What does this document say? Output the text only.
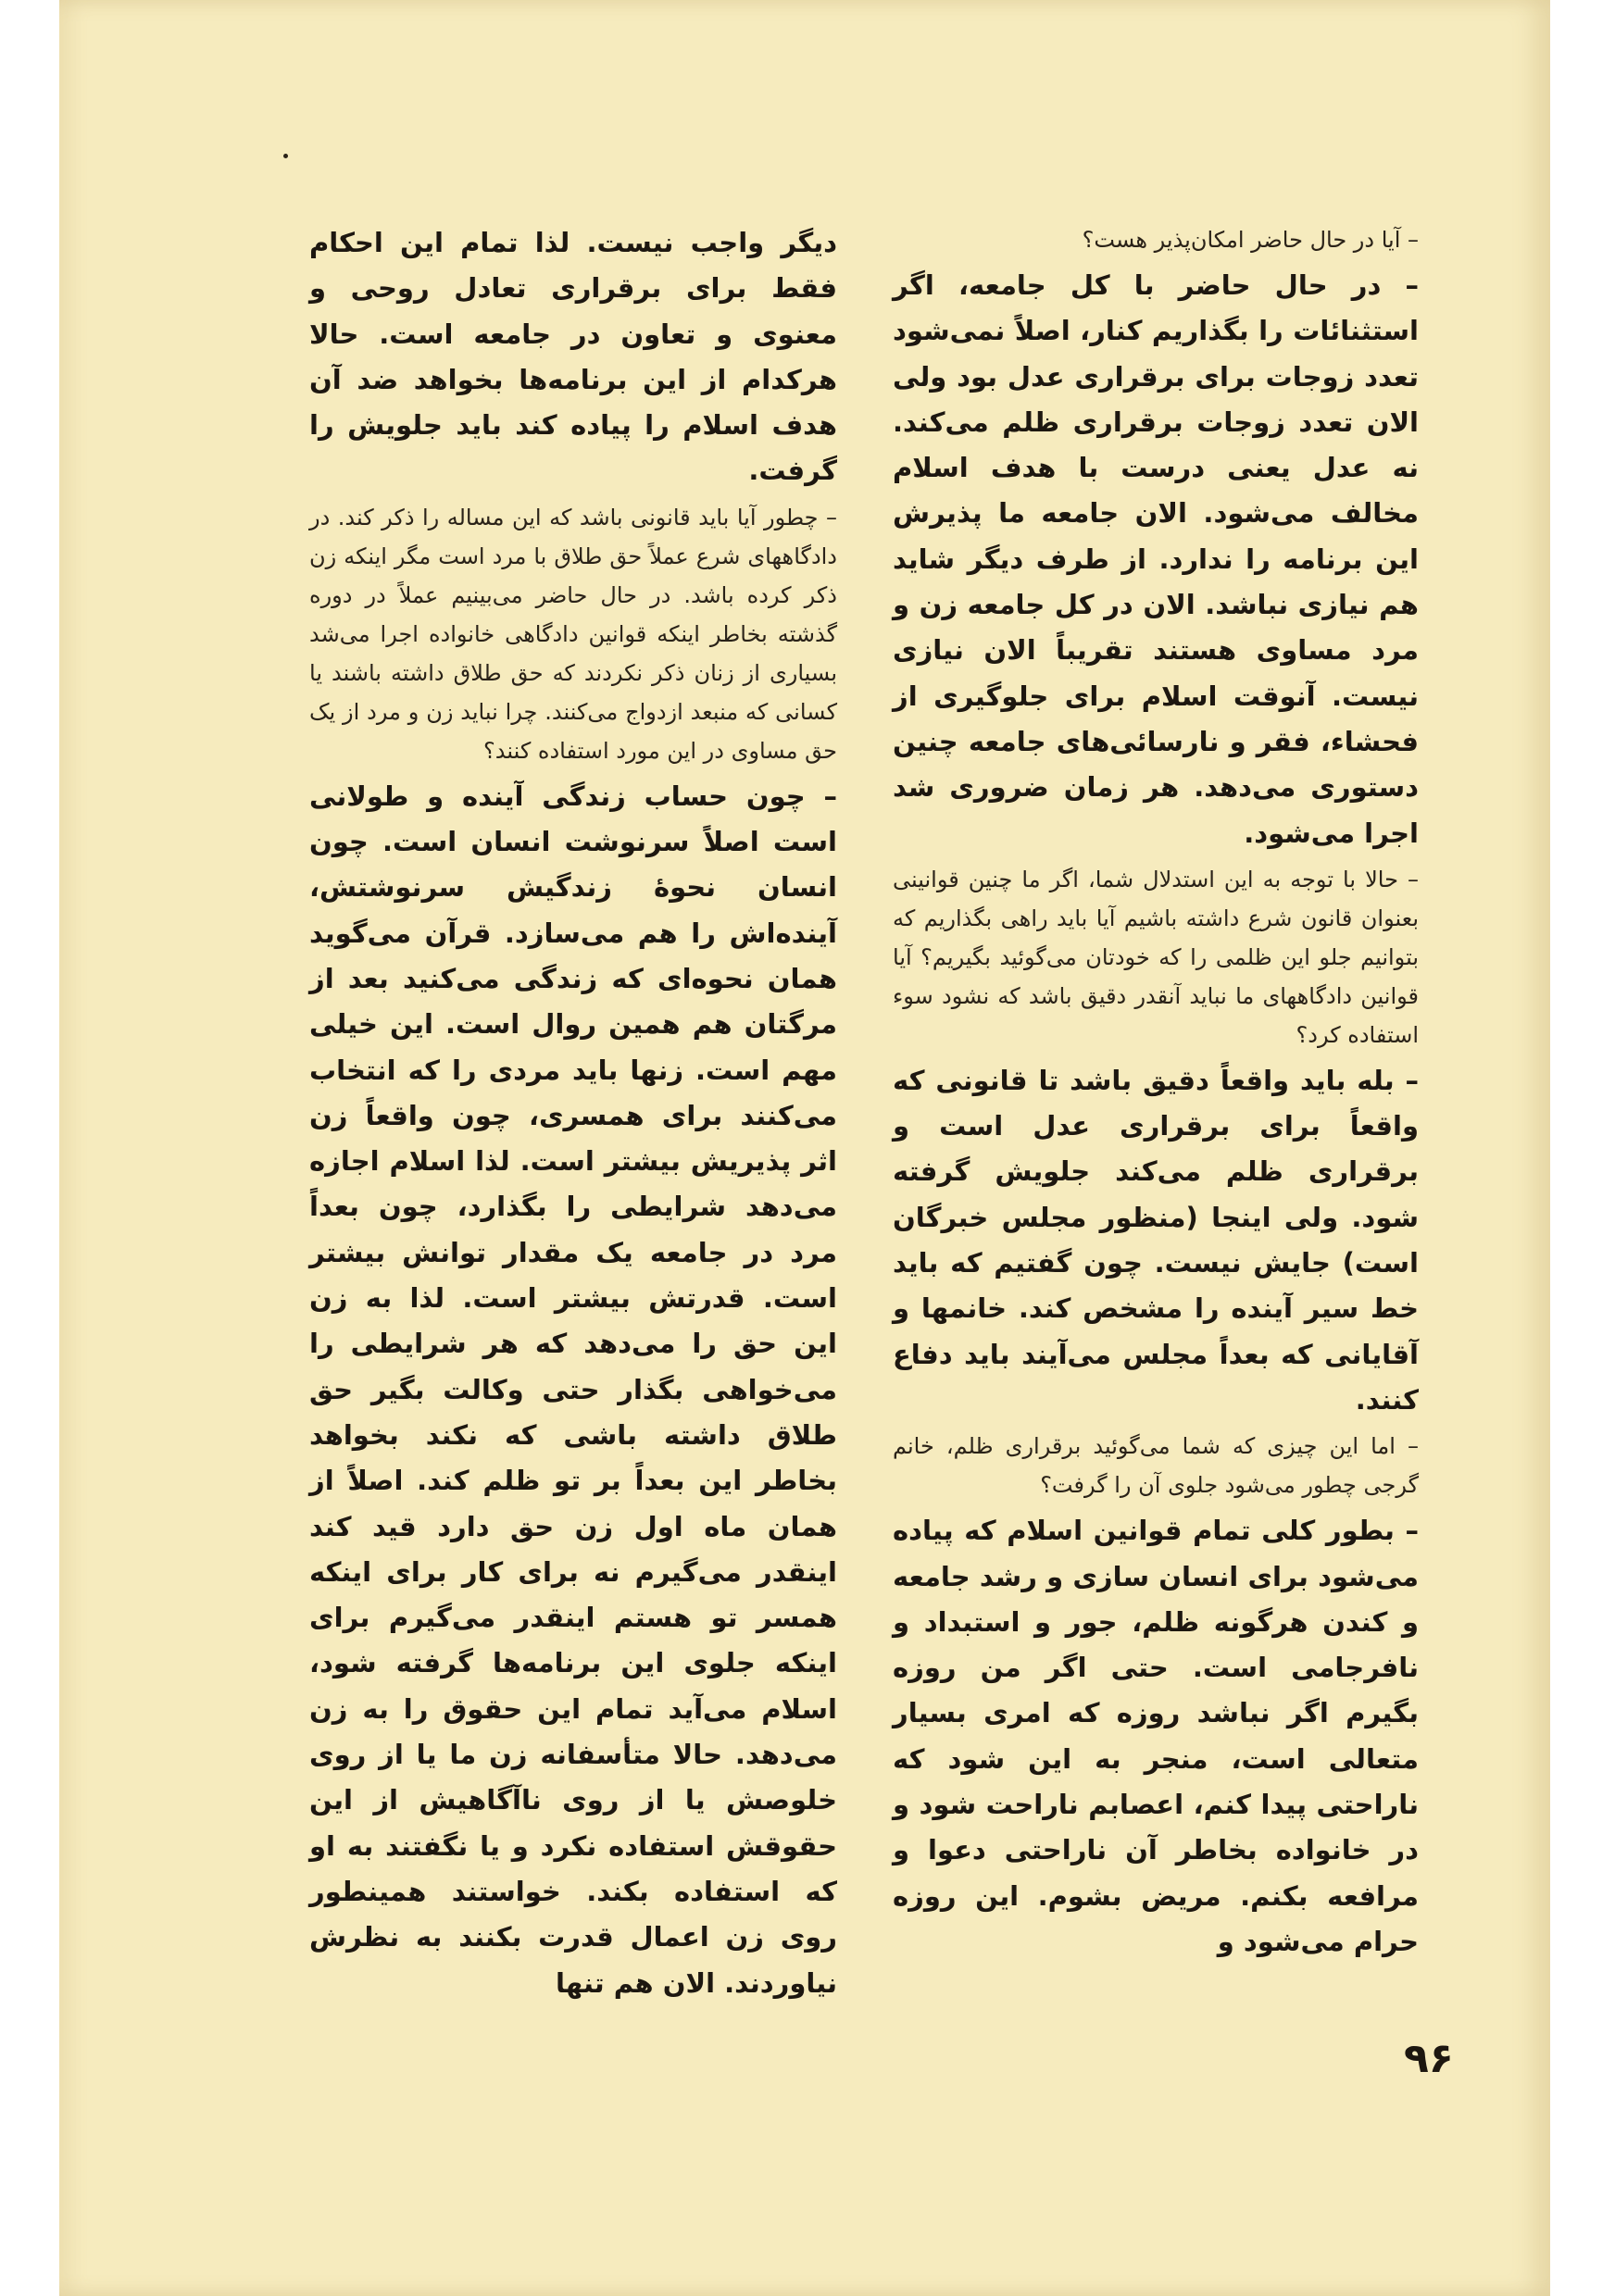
– آیا در حال حاضر امکان‌پذیر هست؟

– در حال حاضر با کل جامعه، اگر استثنائات را بگذاریم کنار، اصلاً نمی‌شود تعدد زوجات برای برقراری عدل بود ولی الان تعدد زوجات برقراری ظلم می‌کند. نه عدل یعنی درست با هدف اسلام مخالف می‌شود. الان جامعه ما پذیرش این برنامه را ندارد. از طرف دیگر شاید هم نیازی نباشد. الان در کل جامعه زن و مرد مساوی هستند تقریباً الان نیازی نیست. آنوقت اسلام برای جلوگیری از فحشاء، فقر و نارسائی‌های جامعه چنین دستوری می‌دهد. هر زمان ضروری شد اجرا می‌شود.

– حالا با توجه به این استدلال شما، اگر ما چنین قوانینی بعنوان قانون شرع داشته باشیم آیا باید راهی بگذاریم که بتوانیم جلو این ظلمی را که خودتان می‌گوئید بگیریم؟ آیا قوانین دادگاههای ما نباید آنقدر دقیق باشد که نشود سوء استفاده کرد؟

– بله باید واقعاً دقیق باشد تا قانونی که واقعاً برای برقراری عدل است و برقراری ظلم می‌کند جلویش گرفته شود. ولی اینجا (منظور مجلس خبرگان است) جایش نیست. چون گفتیم که باید خط سیر آینده را مشخص کند. خانمها و آقایانی که بعداً مجلس می‌آیند باید دفاع کنند.

– اما این چیزی که شما می‌گوئید برقراری ظلم، خانم گرجی چطور می‌شود جلوی آن را گرفت؟

– بطور کلی تمام قوانین اسلام که پیاده می‌شود برای انسان سازی و رشد جامعه و کندن هرگونه ظلم، جور و استبداد و نافرجامی است. حتی اگر من روزه بگیرم اگر نباشد روزه که امری بسیار متعالی است، منجر به این شود که ناراحتی پیدا کنم، اعصابم ناراحت شود و در خانواده بخاطر آن ناراحتی دعوا و مرافعه بکنم. مریض بشوم. این روزه حرام می‌شود و

دیگر واجب نیست. لذا تمام این احکام فقط برای برقراری تعادل روحی و معنوی و تعاون در جامعه است. حالا هرکدام از این برنامه‌ها بخواهد ضد آن هدف اسلام را پیاده کند باید جلویش را گرفت.

– چطور آیا باید قانونی باشد که این مساله را ذکر کند. در دادگاههای شرع عملاً حق طلاق با مرد است مگر اینکه زن ذکر کرده باشد. در حال حاضر می‌بینیم عملاً در دوره گذشته بخاطر اینکه قوانین دادگاهی خانواده اجرا می‌شد بسیاری از زنان ذکر نکردند که حق طلاق داشته باشند یا کسانی که منبعد ازدواج می‌کنند. چرا نباید زن و مرد از یک حق مساوی در این مورد استفاده کنند؟

– چون حساب زندگی آینده و طولانی است اصلاً سرنوشت انسان است. چون انسان نحوهٔ زندگیش سرنوشتش، آینده‌اش را هم می‌سازد. قرآن می‌گوید همان نحوه‌ای که زندگی می‌کنید بعد از مرگتان هم همین روال است. این خیلی مهم است. زنها باید مردی را که انتخاب می‌کنند برای همسری، چون واقعاً زن اثر پذیریش بیشتر است. لذا اسلام اجازه می‌دهد شرایطی را بگذارد، چون بعداً مرد در جامعه یک مقدار توانش بیشتر است. قدرتش بیشتر است. لذا به زن این حق را می‌دهد که هر شرایطی را می‌خواهی بگذار حتی وکالت بگیر حق طلاق داشته باشی که نکند بخواهد بخاطر این بعداً بر تو ظلم کند. اصلاً از همان ماه اول زن حق دارد قید کند اینقدر می‌گیرم نه برای کار برای اینکه همسر تو هستم اینقدر می‌گیرم برای اینکه جلوی این برنامه‌ها گرفته شود، اسلام می‌آید تمام این حقوق را به زن می‌دهد. حالا متأسفانه زن ما یا از روی خلوصش یا از روی ناآگاهیش از این حقوقش استفاده نکرد و یا نگفتند به او که استفاده بکند. خواستند همینطور روی زن اعمال قدرت بکنند به نظرش نیاوردند. الان هم تنها

۹۶
